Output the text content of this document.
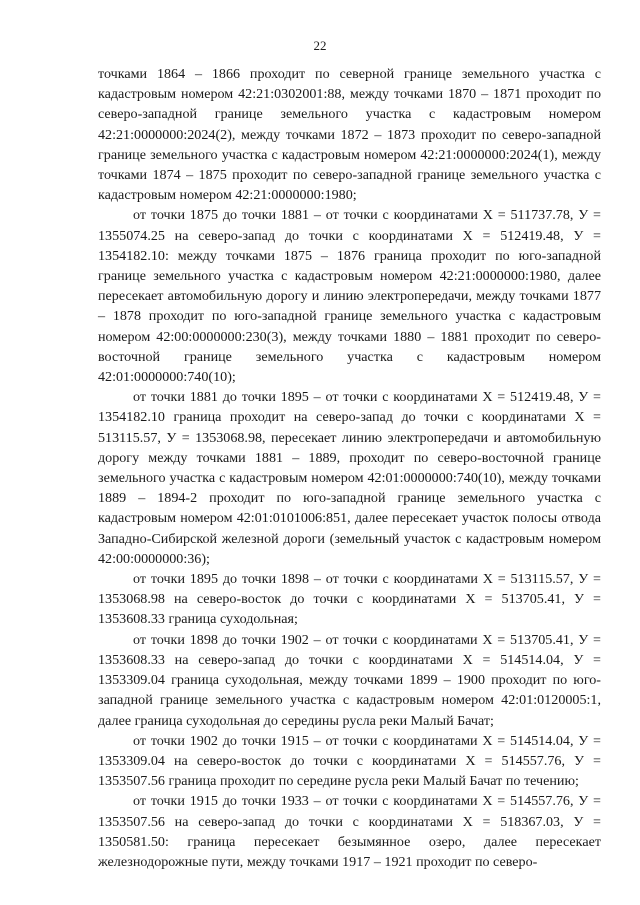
22

точками 1864 – 1866 проходит по северной границе земельного участка с кадастровым номером 42:21:0302001:88, между точками 1870 – 1871 проходит по северо-западной границе земельного участка с кадастровым номером 42:21:0000000:2024(2), между точками 1872 – 1873 проходит по северо-западной границе земельного участка с кадастровым номером 42:21:0000000:2024(1), между точками 1874 – 1875 проходит по северо-западной границе земельного участка с кадастровым номером 42:21:0000000:1980;

от точки 1875 до точки 1881 – от точки с координатами X = 511737.78, У = 1355074.25 на северо-запад до точки с координатами X = 512419.48, У = 1354182.10: между точками 1875 – 1876 граница проходит по юго-западной границе земельного участка с кадастровым номером 42:21:0000000:1980, далее пересекает автомобильную дорогу и линию электропередачи, между точками 1877 – 1878 проходит по юго-западной границе земельного участка с кадастровым номером 42:00:0000000:230(3), между точками 1880 – 1881 проходит по северо-восточной границе земельного участка с кадастровым номером 42:01:0000000:740(10);

от точки 1881 до точки 1895 – от точки с координатами X = 512419.48, У = 1354182.10 граница проходит на северо-запад до точки с координатами X = 513115.57, У = 1353068.98, пересекает линию электропередачи и автомобильную дорогу между точками 1881 – 1889, проходит по северо-восточной границе земельного участка с кадастровым номером 42:01:0000000:740(10), между точками 1889 – 1894-2 проходит по юго-западной границе земельного участка с кадастровым номером 42:01:0101006:851, далее пересекает участок полосы отвода Западно-Сибирской железной дороги (земельный участок с кадастровым номером 42:00:0000000:36);

от точки 1895 до точки 1898 – от точки с координатами X = 513115.57, У = 1353068.98 на северо-восток до точки с координатами X = 513705.41, У = 1353608.33 граница суходольная;

от точки 1898 до точки 1902 – от точки с координатами X = 513705.41, У = 1353608.33 на северо-запад до точки с координатами X = 514514.04, У = 1353309.04 граница суходольная, между точками 1899 – 1900 проходит по юго-западной границе земельного участка с кадастровым номером 42:01:0120005:1, далее граница суходольная до середины русла реки Малый Бачат;

от точки 1902 до точки 1915 – от точки с координатами X = 514514.04, У = 1353309.04 на северо-восток до точки с координатами X = 514557.76, У = 1353507.56 граница проходит по середине русла реки Малый Бачат по течению;

от точки 1915 до точки 1933 – от точки с координатами X = 514557.76, У = 1353507.56 на северо-запад до точки с координатами X = 518367.03, У = 1350581.50: граница пересекает безымянное озеро, далее пересекает железнодорожные пути, между точками 1917 – 1921 проходит по северо-
